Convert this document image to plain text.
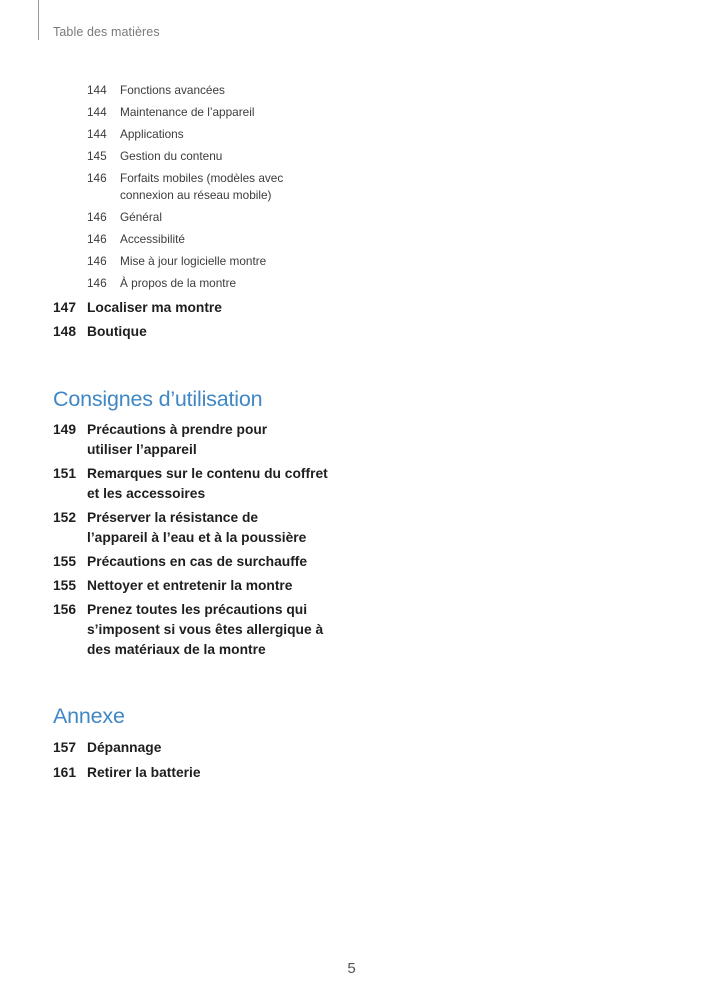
Table des matières
144	Fonctions avancées
144	Maintenance de l’appareil
144	Applications
145	Gestion du contenu
146	Forfaits mobiles (modèles avec connexion au réseau mobile)
146	Général
146	Accessibilité
146	Mise à jour logicielle montre
146	À propos de la montre
147 Localiser ma montre
148 Boutique
Consignes d’utilisation
149 Précautions à prendre pour utiliser l’appareil
151 Remarques sur le contenu du coffret et les accessoires
152 Préserver la résistance de l’appareil à l’eau et à la poussière
155 Précautions en cas de surchauffe
155 Nettoyer et entretenir la montre
156 Prenez toutes les précautions qui s’imposent si vous êtes allergique à des matériaux de la montre
Annexe
157 Dépannage
161 Retirer la batterie
5
